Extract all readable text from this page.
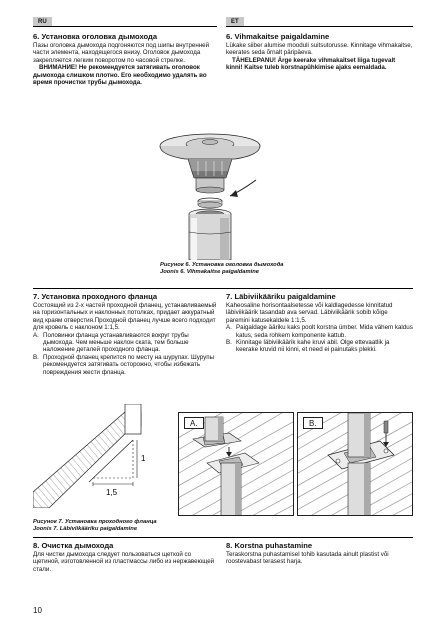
RU	ET
6. Установка оголовка дымохода

Пазы оголовка дымохода подгоняются под шипы внутренней части элемента, находящегося внизу. Оголовок дымохода закрепляется легким поворотом по часовой стрелке.

ВНИМАНИЕ! Не рекомендуется затягивать оголовок дымохода слишком плотно. Его необходимо удалять во время прочистки трубы дымохода.

6. Vihmakaitse paigaldamine

Lükake siiber alumise mooduli suitsutorusse. Kinnitage vihmakaitse, keerates seda õrnalt päripäeva.

TÄHELEPANU! Ärge keerake vihmakaitset liiga tugevalt kinni! Kaitse tuleb korstnapühkimise ajaks eemaldada.

Рисунок 6. Установка оголовка дымохода
Joonis 6. Vihmakaitse paigaldamine
7. Установка проходного фланца

Состоящий из 2-х частей проходной фланец, устанавливаемый на горизонтальных и наклонных потолках, придает аккуратный вид краям отверстия.Проходной фланец лучше всего подходит для кровель с наклоном 1:1,5.

A. Половинки фланца устанавливаются вокруг трубы дымохода. Чем меньше наклон ската, тем больше наложение деталей проходного фланца.
B. Проходной фланец крепится по месту на шурупах. Шурупы рекомендуется затягивать осторожно, чтобы избежать повреждения жести фланца.
7. Läbiviikääriku paigaldamine

Kaheosaline horisontaalsetesse või kaldlagedesse kinnitatud läbiviikäärik tasandab ava servad. Läbiviikäärik sobib kõige paremini katusekaldele 1:1,5.

A. Paigaldage ääriku kaks poolt korstna ümber. Mida vähem kaldus katus, seda rohkem komponente kattub.
B. Kinnitage läbiviikäärik kahe kruvi abil. Olge ettevaatlik ja keerake kruvid nii kinni, et need ei painutaks plekki.
1
1,5
A.	B.
Рисунок 7. Установка проходного фланца
Joonis 7. Läbiviikääriku paigaldamine
8. Очистка дымохода

Для чистки дымохода следует пользоваться щеткой со щетиной, изготовленной из пластмассы либо из нержавеющей стали.

8. Korstna puhastamine

Teraskorstna puhastamisel tohib kasutada ainult plastist või roostevabast terasest harja.

10
